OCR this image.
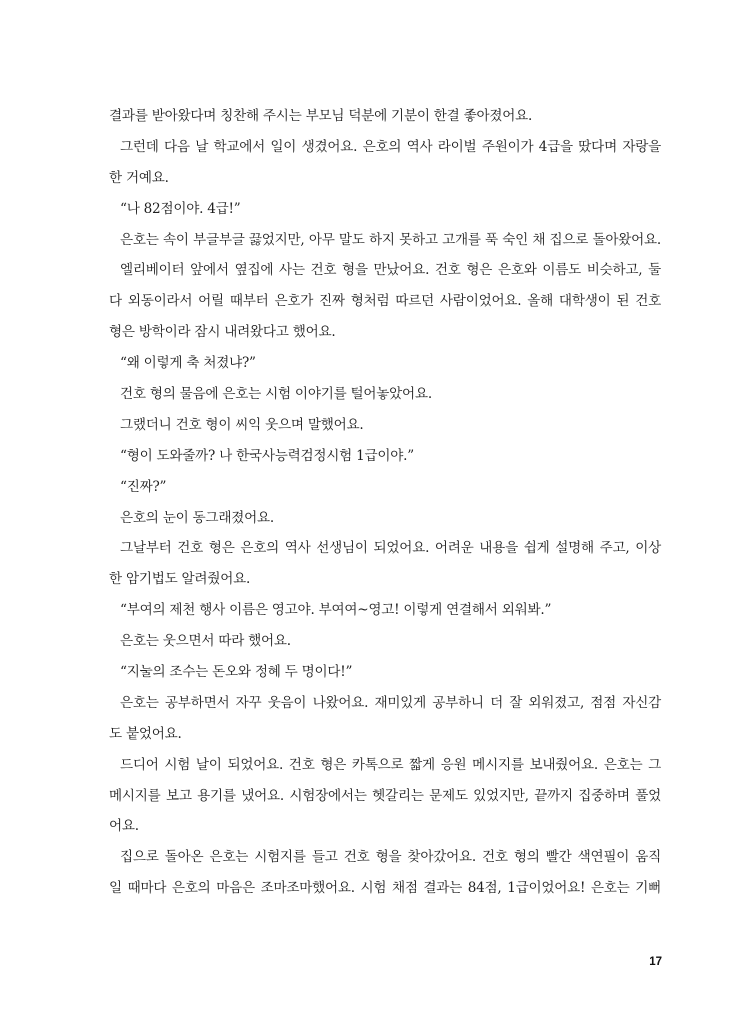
결과를 받아왔다며 칭찬해 주시는 부모님 덕분에 기분이 한결 좋아졌어요.
그런데 다음 날 학교에서 일이 생겼어요. 은호의 역사 라이벌 주원이가 4급을 땄다며 자랑을
한 거예요.
“나 82점이야. 4급!”
은호는 속이 부글부글 끓었지만, 아무 말도 하지 못하고 고개를 푹 숙인 채 집으로 돌아왔어요.
엘리베이터 앞에서 옆집에 사는 건호 형을 만났어요. 건호 형은 은호와 이름도 비슷하고, 둘
다 외동이라서 어릴 때부터 은호가 진짜 형처럼 따르던 사람이었어요. 올해 대학생이 된 건호
형은 방학이라 잠시 내려왔다고 했어요.
“왜 이렇게 축 처졌냐?”
건호 형의 물음에 은호는 시험 이야기를 털어놓았어요.
그랬더니 건호 형이 씨익 웃으며 말했어요.
“형이 도와줄까? 나 한국사능력검정시험 1급이야.”
“진짜?”
은호의 눈이 동그래졌어요.
그날부터 건호 형은 은호의 역사 선생님이 되었어요. 어려운 내용을 쉽게 설명해 주고, 이상
한 암기법도 알려줬어요.
“부여의 제천 행사 이름은 영고야. 부여여~영고! 이렇게 연결해서 외워봐.”
은호는 웃으면서 따라 했어요.
“지눌의 조수는 돈오와 정혜 두 명이다!”
은호는 공부하면서 자꾸 웃음이 나왔어요. 재미있게 공부하니 더 잘 외워졌고, 점점 자신감
도 붙었어요.
드디어 시험 날이 되었어요. 건호 형은 카톡으로 짧게 응원 메시지를 보내줬어요. 은호는 그
메시지를 보고 용기를 냈어요. 시험장에서는 헷갈리는 문제도 있었지만, 끝까지 집중하며 풀었
어요.
집으로 돌아온 은호는 시험지를 들고 건호 형을 찾아갔어요. 건호 형의 빨간 색연필이 움직
일 때마다 은호의 마음은 조마조마했어요. 시험 채점 결과는 84점, 1급이었어요! 은호는 기뻐
17
